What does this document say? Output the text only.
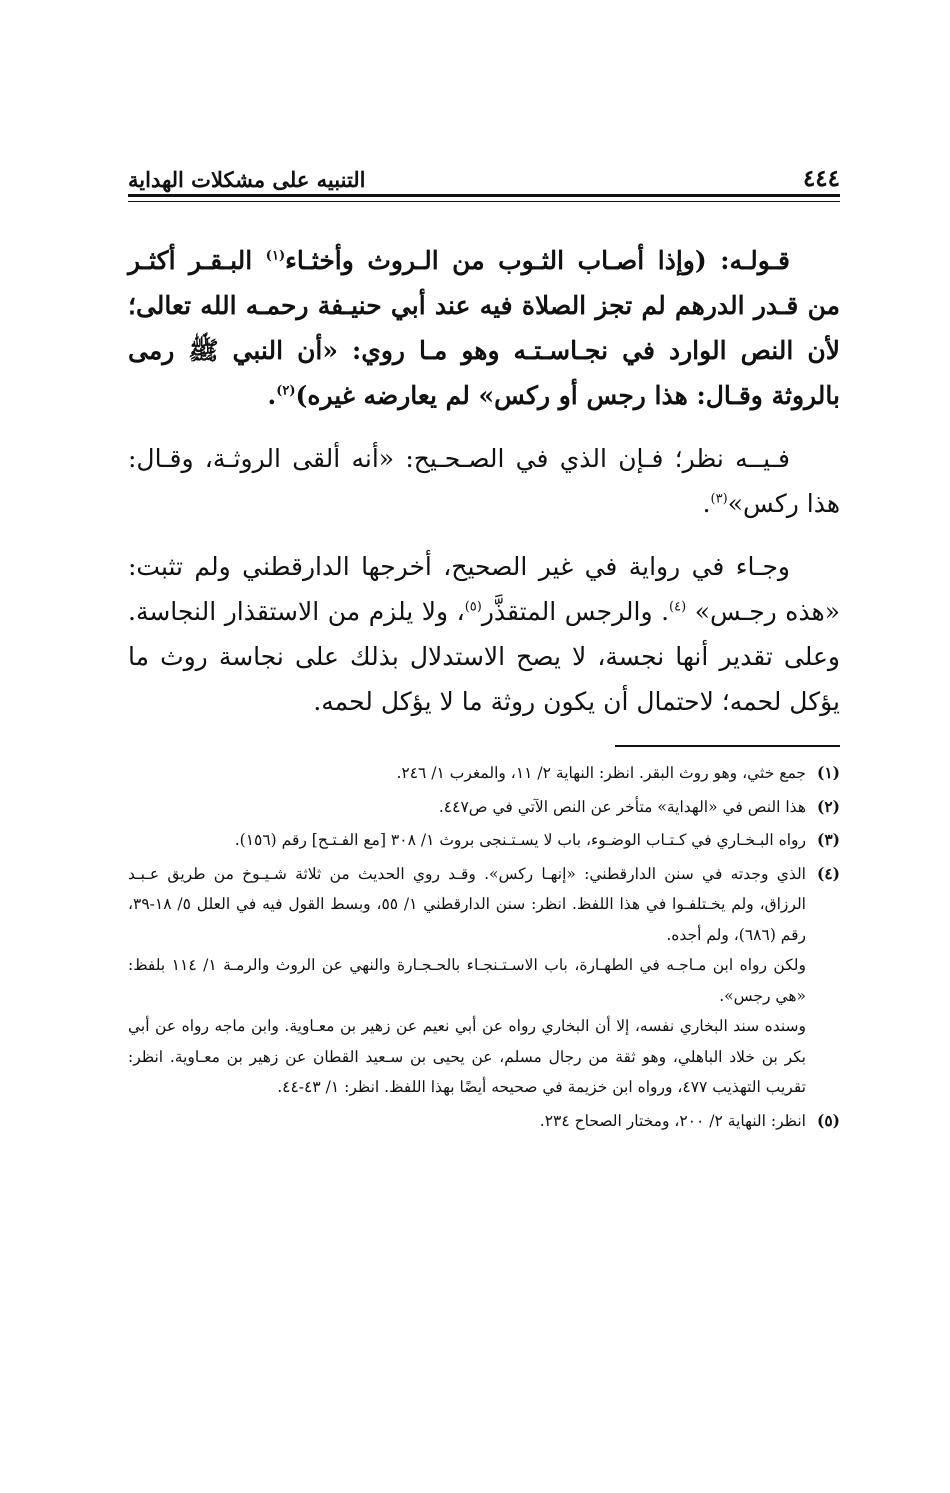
٤٤٤
التنبيه على مشكلات الهداية

قـولـه: (وإذا أصـاب الثـوب من الـروث وأخثـاء$^{(١)}$ البـقـر أكثـر من قـدر الدرهم لم تجز الصلاة فيه عند أبي حنيـفة رحمـه الله تعالى؛ لأن النص الوارد في نجـاسـتـه وهو مـا روي: «أن النبي ﷺ رمى بالروثة وقـال: هذا رجس أو ركس» لم يعارضه غيره)$^{(٢)}$.

فـيــه نظر؛ فـإن الذي في الصـحـيح: «أنه ألقى الروثـة، وقـال: هذا ركس»$^{(٣)}$.

وجـاء في رواية في غير الصحيح، أخرجها الدارقطني ولم تثبت: «هذه رجـس» $^{(٤)}$. والرجس المتقذَّر$^{(٥)}$، ولا يلزم من الاستقذار النجاسة. وعلى تقدير أنها نجسة، لا يصح الاستدلال بذلك على نجاسة روث ما يؤكل لحمه؛ لاحتمال أن يكون روثة ما لا يؤكل لحمه.

(١)

جمع خثي، وهو روث البقر. انظر: النهاية ٢/ ١١، والمغرب ١/ ٢٤٦.

(٢)

هذا النص في «الهداية» متأخر عن النص الآتي في ص٤٤٧.

(٣)

رواه البـخـاري في كـتـاب الوضـوء، باب لا يسـتـنجى بروث ١/ ٣٠٨ [مع الفـتـح] رقم (١٥٦).

(٤)

الذي وجدته في سنن الدارقطني: «إنهـا ركس». وقـد روي الحديث من ثلاثة شـيـوخ من طريق عـبـد الرزاق، ولم يخـتلفـوا في هذا اللفظ. انظر: سنن الدارقطني ١/ ٥٥، وبسط القول فيه في العلل ٥/ ١٨-٣٩، رقم (٦٨٦)، ولم أجده.

ولكن رواه ابن مـاجـه في الطهـارة، باب الاسـتـنجـاء بالحـجـارة والنهي عن الروث والرمـة ١/ ١١٤ بلفظ: «هي رجس».

وسنده سند البخاري نفسه، إلا أن البخاري رواه عن أبي نعيم عن زهير بن معـاوية. وابن ماجه رواه عن أبي بكر بن خلاد الباهلي، وهو ثقة من رجال مسلم، عن يحيى بن سـعيد القطان عن زهير بن معـاوية. انظر: تقريب التهذيب ٤٧٧، ورواه ابن خزيمة في صحيحه أيضًا بهذا اللفظ. انظر: ١/ ٤٣-٤٤.

(٥)

انظر: النهاية ٢/ ٢٠٠، ومختار الصحاح ٢٣٤.
